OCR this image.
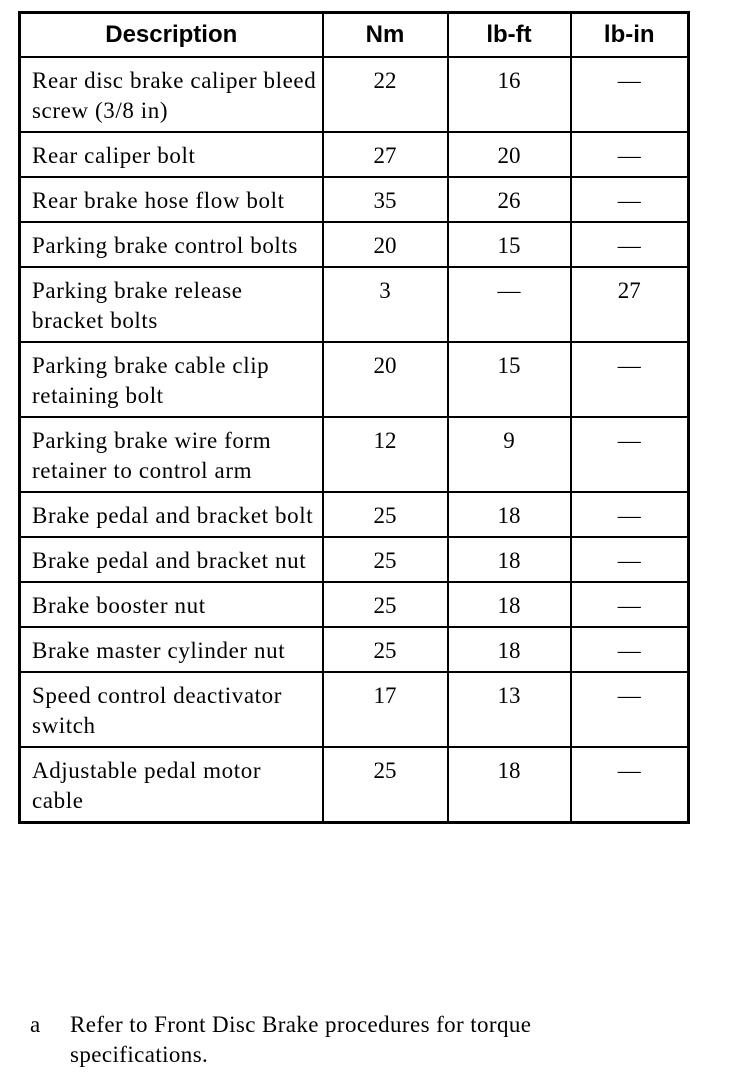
Description	Nm	lb-ft	lb-in
Rear disc brake caliper bleed screw (3/8 in)	22	16	—
Rear caliper bolt	27	20	—
Rear brake hose flow bolt	35	26	—
Parking brake control bolts	20	15	—
Parking brake release bracket bolts	3	—	27
Parking brake cable clip retaining bolt	20	15	—
Parking brake wire form retainer to control arm	12	9	—
Brake pedal and bracket bolt	25	18	—
Brake pedal and bracket nut	25	18	—
Brake booster nut	25	18	—
Brake master cylinder nut	25	18	—
Speed control deactivator switch	17	13	—
Adjustable pedal motor cable	25	18	—
a Refer to Front Disc Brake procedures for torque specifications.
